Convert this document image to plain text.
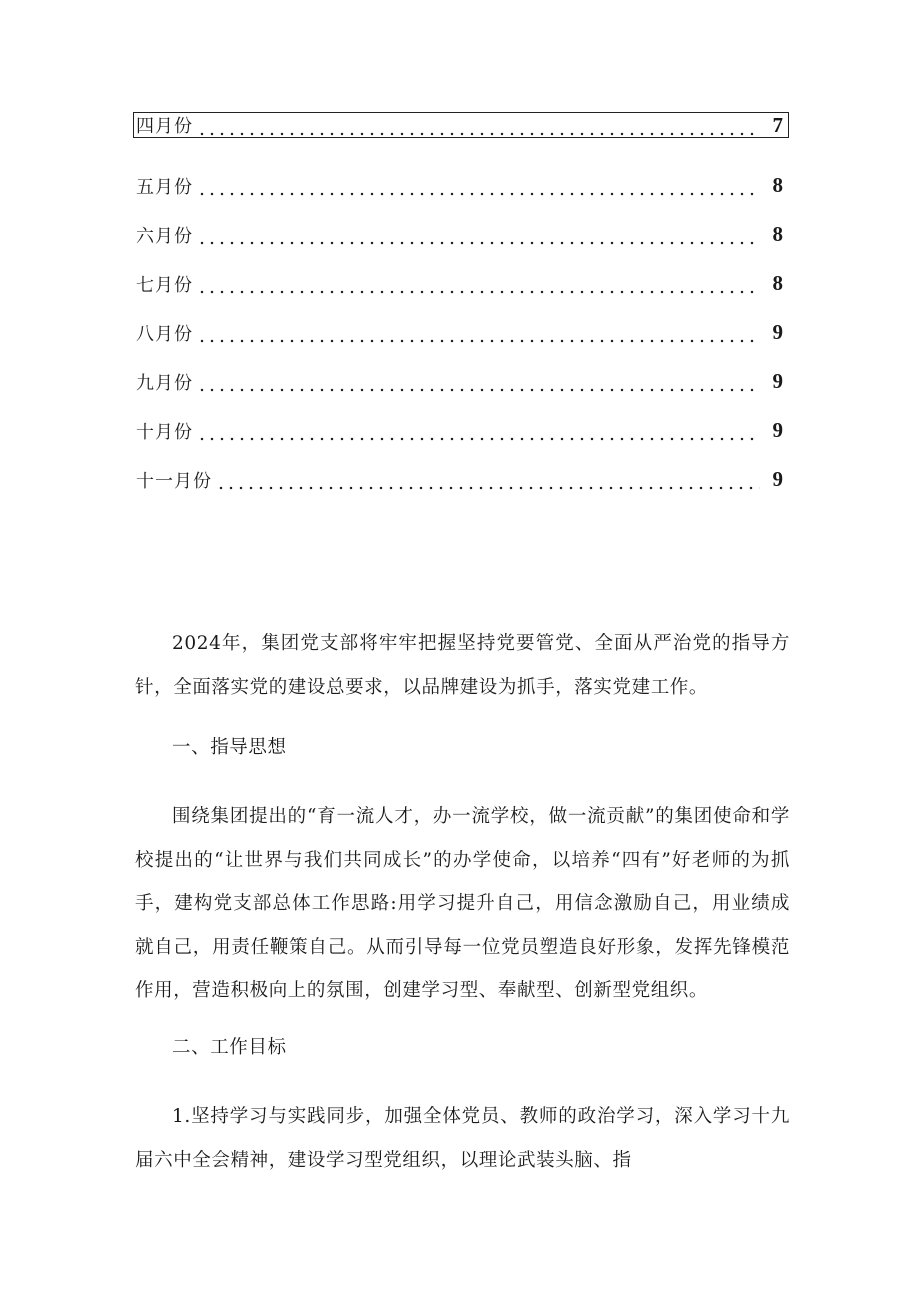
四月份	7
五月份	8
六月份	8
七月份	8
八月份	9
九月份	9
十月份	9
十一月份	9

2024年，集团党支部将牢牢把握坚持党要管党、全面从严治党的指导方针，全面落实党的建设总要求，以品牌建设为抓手，落实党建工作。

一、指导思想

围绕集团提出的“育一流人才，办一流学校，做一流贡献”的集团使命和学校提出的“让世界与我们共同成长”的办学使命，以培养“四有”好老师的为抓手，建构党支部总体工作思路:用学习提升自己，用信念激励自己，用业绩成就自己，用责任鞭策自己。从而引导每一位党员塑造良好形象，发挥先锋模范作用，营造积极向上的氛围，创建学习型、奉献型、创新型党组织。

二、工作目标

1.坚持学习与实践同步，加强全体党员、教师的政治学习，深入学习十九届六中全会精神，建设学习型党组织，以理论武装头脑、指
